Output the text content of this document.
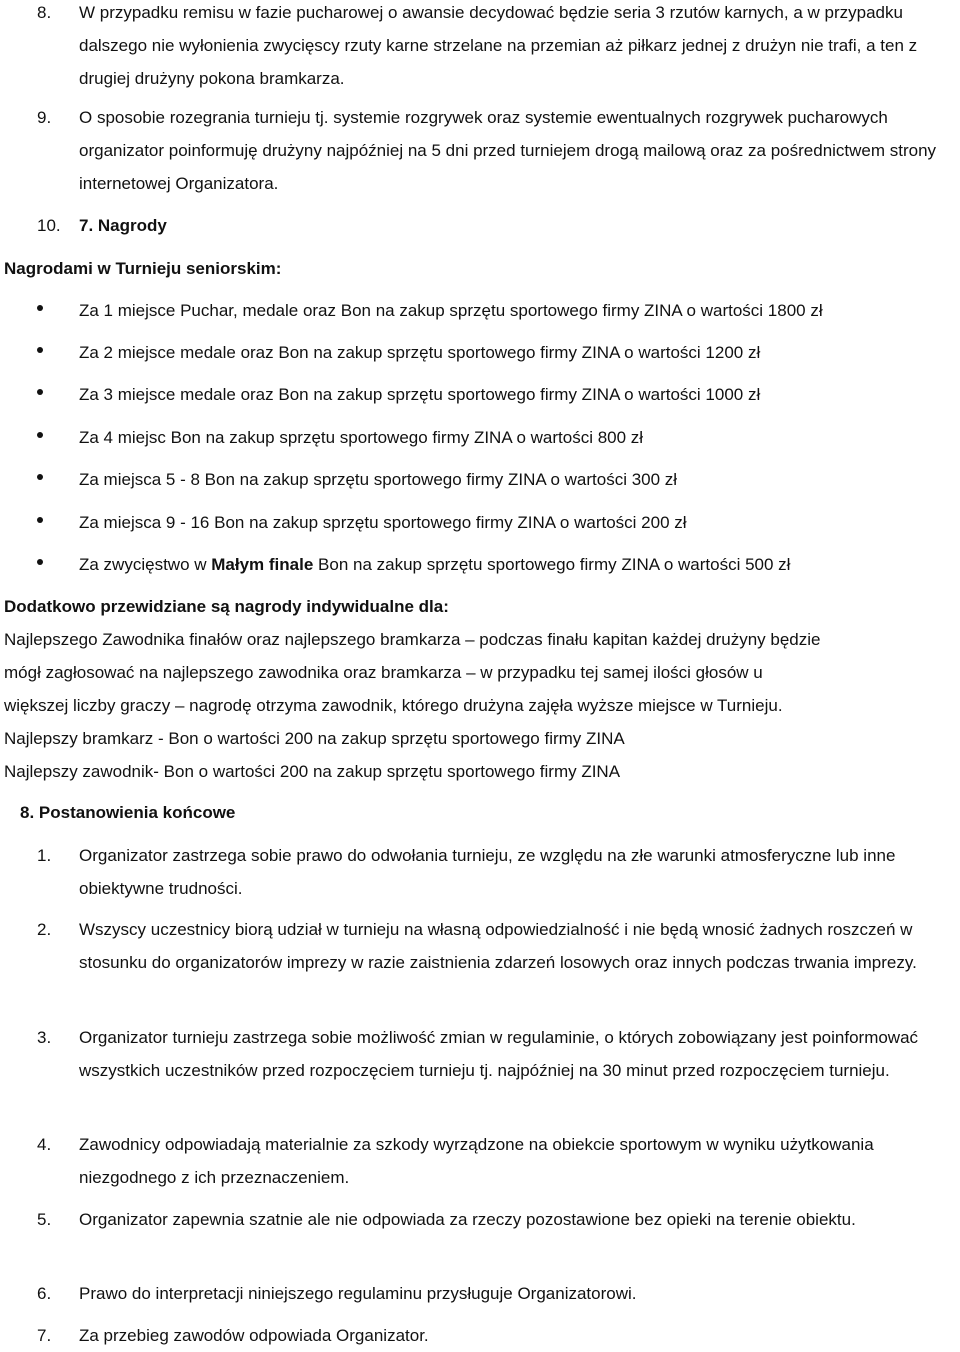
8. W przypadku remisu w fazie pucharowej o awansie decydować będzie seria 3 rzutów karnych, a w przypadku dalszego nie wyłonienia zwycięscy rzuty karne strzelane na przemian aż piłkarz jednej z drużyn nie trafi, a ten z drugiej drużyny pokona bramkarza.
9. O sposobie rozegrania turnieju tj. systemie rozgrywek oraz systemie ewentualnych rozgrywek pucharowych organizator poinformuję drużyny najpóźniej na 5 dni przed turniejem drogą mailową oraz za pośrednictwem strony internetowej Organizatora.
10. 7. Nagrody
Nagrodami w Turnieju seniorskim:
Za 1 miejsce Puchar, medale oraz Bon na zakup sprzętu sportowego firmy ZINA o wartości 1800 zł
Za 2 miejsce medale oraz Bon na zakup sprzętu sportowego firmy ZINA o wartości 1200 zł
Za 3 miejsce medale oraz Bon na zakup sprzętu sportowego firmy ZINA o wartości 1000 zł
Za 4 miejsc Bon na zakup sprzętu sportowego firmy ZINA o wartości 800 zł
Za miejsca 5 - 8 Bon na zakup sprzętu sportowego firmy ZINA o wartości 300 zł
Za miejsca 9 - 16 Bon na zakup sprzętu sportowego firmy ZINA o wartości 200 zł
Za zwycięstwo w Małym finale Bon na zakup sprzętu sportowego firmy ZINA o wartości 500 zł
Dodatkowo przewidziane są nagrody indywidualne dla:
Najlepszego Zawodnika finałów oraz najlepszego bramkarza – podczas finału kapitan każdej drużyny będzie
mógł zagłosować na najlepszego zawodnika oraz bramkarza – w przypadku tej samej ilości głosów u
większej liczby graczy – nagrodę otrzyma zawodnik, którego drużyna zajęła wyższe miejsce w Turnieju.
Najlepszy bramkarz - Bon o wartości 200 na zakup sprzętu sportowego firmy ZINA
Najlepszy zawodnik- Bon o wartości 200 na zakup sprzętu sportowego firmy ZINA
8. Postanowienia końcowe
1. Organizator zastrzega sobie prawo do odwołania turnieju, ze względu na złe warunki atmosferyczne lub inne obiektywne trudności.
2. Wszyscy uczestnicy biorą udział w turnieju na własną odpowiedzialność i nie będą wnosić żadnych roszczeń w stosunku do organizatorów imprezy w razie zaistnienia zdarzeń losowych oraz innych podczas trwania imprezy.
3. Organizator turnieju zastrzega sobie możliwość zmian w regulaminie, o których zobowiązany jest poinformować wszystkich uczestników przed rozpoczęciem turnieju tj. najpóźniej na 30 minut przed rozpoczęciem turnieju.
4. Zawodnicy odpowiadają materialnie za szkody wyrządzone na obiekcie sportowym w wyniku użytkowania niezgodnego z ich przeznaczeniem.
5. Organizator zapewnia szatnie ale nie odpowiada za rzeczy pozostawione bez opieki na terenie obiektu.
6. Prawo do interpretacji niniejszego regulaminu przysługuje Organizatorowi.
7. Za przebieg zawodów odpowiada Organizator.
